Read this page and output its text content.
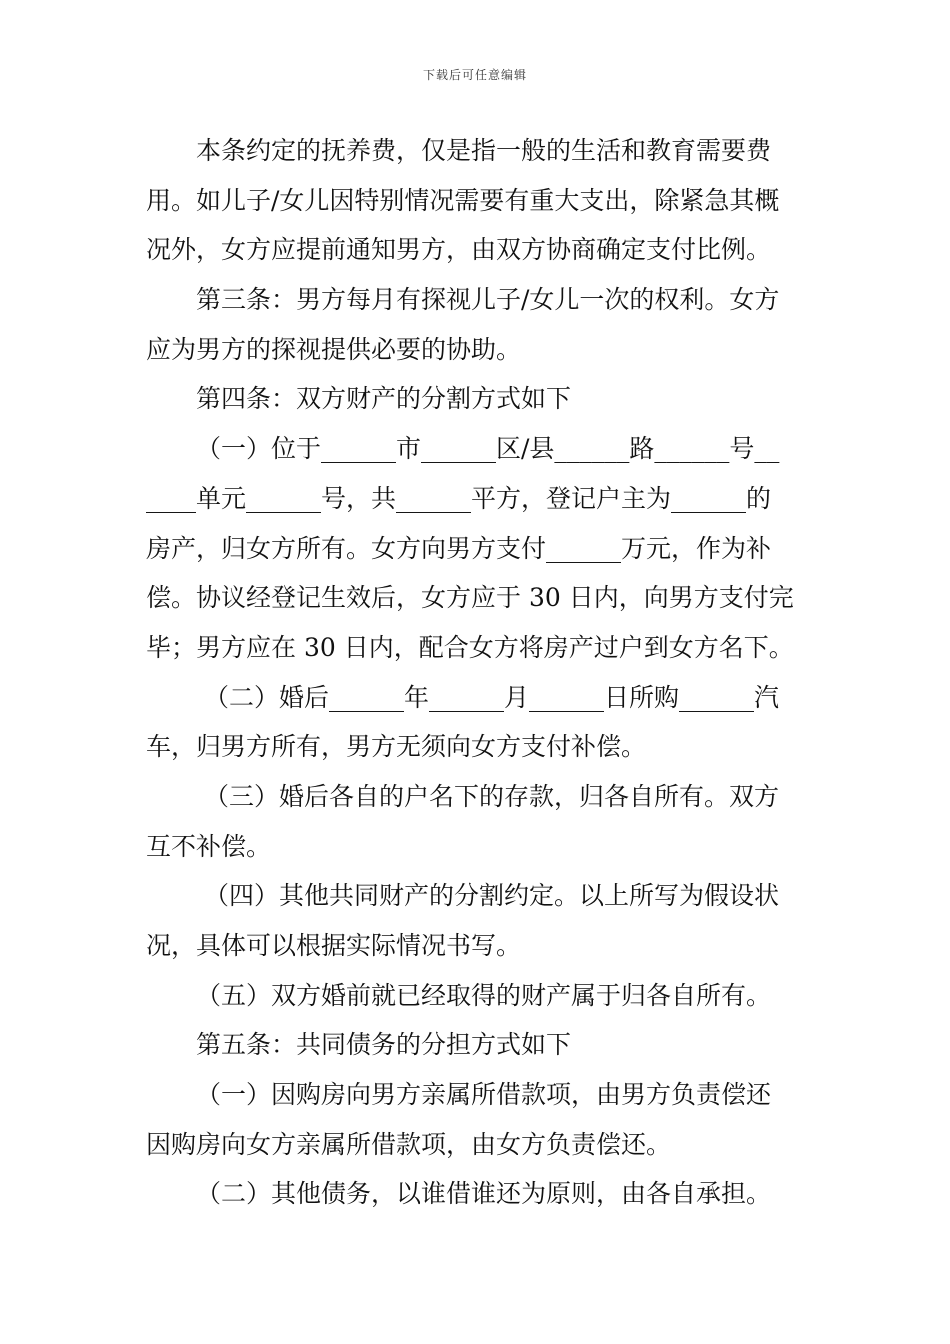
下载后可任意编辑
本条约定的抚养费，仅是指一般的生活和教育需要费
用。如儿子/女儿因特别情况需要有重大支出，除紧急其概
况外，女方应提前通知男方，由双方协商确定支付比例。
第三条：男方每月有探视儿子/女儿一次的权利。女方
应为男方的探视提供必要的协助。
第四条：双方财产的分割方式如下
（一）位于______市______区/县______路______号__
____单元______号，共______平方，登记户主为______的
房产，归女方所有。女方向男方支付______万元，作为补
偿。协议经登记生效后，女方应于 30 日内，向男方支付完
毕；男方应在 30 日内，配合女方将房产过户到女方名下。
（二）婚后______年______月______日所购______汽
车，归男方所有，男方无须向女方支付补偿。
（三）婚后各自的户名下的存款，归各自所有。双方
互不补偿。
（四）其他共同财产的分割约定。以上所写为假设状
况，具体可以根据实际情况书写。
（五）双方婚前就已经取得的财产属于归各自所有。
第五条：共同债务的分担方式如下
（一）因购房向男方亲属所借款项，由男方负责偿还
因购房向女方亲属所借款项，由女方负责偿还。
（二）其他债务，以谁借谁还为原则，由各自承担。
